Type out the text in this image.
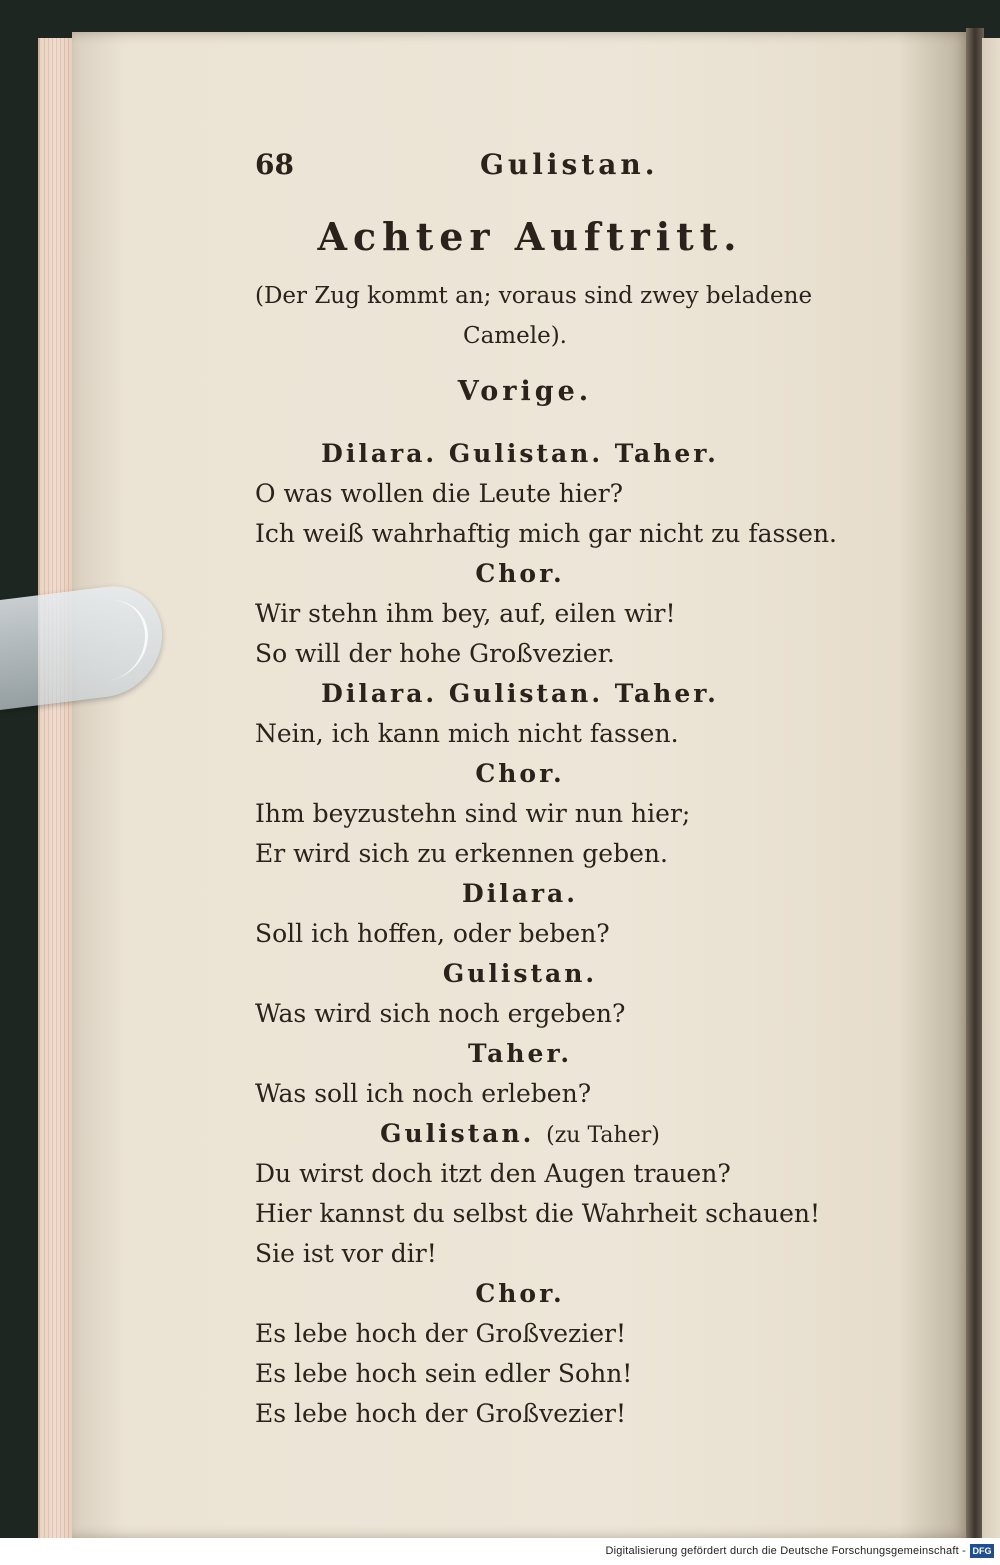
68	Gulistan.
Achter Auftritt.
(Der Zug kommt an; voraus sind zwey beladene
Camele).
Vorige.
Dilara. Gulistan. Taher.
O was wollen die Leute hier?
Ich weiß wahrhaftig mich gar nicht zu fassen.
Chor.
Wir stehn ihm bey, auf, eilen wir!
So will der hohe Großvezier.
Dilara. Gulistan. Taher.
Nein, ich kann mich nicht fassen.
Chor.
Ihm beyzustehn sind wir nun hier;
Er wird sich zu erkennen geben.
Dilara.
Soll ich hoffen, oder beben?
Gulistan.
Was wird sich noch ergeben?
Taher.
Was soll ich noch erleben?
Gulistan. (zu Taher)
Du wirst doch itzt den Augen trauen?
Hier kannst du selbst die Wahrheit schauen!
Sie ist vor dir!
Chor.
Es lebe hoch der Großvezier!
Es lebe hoch sein edler Sohn!
Es lebe hoch der Großvezier!
Digitalisierung gefördert durch die Deutsche Forschungsgemeinschaft - DFG
